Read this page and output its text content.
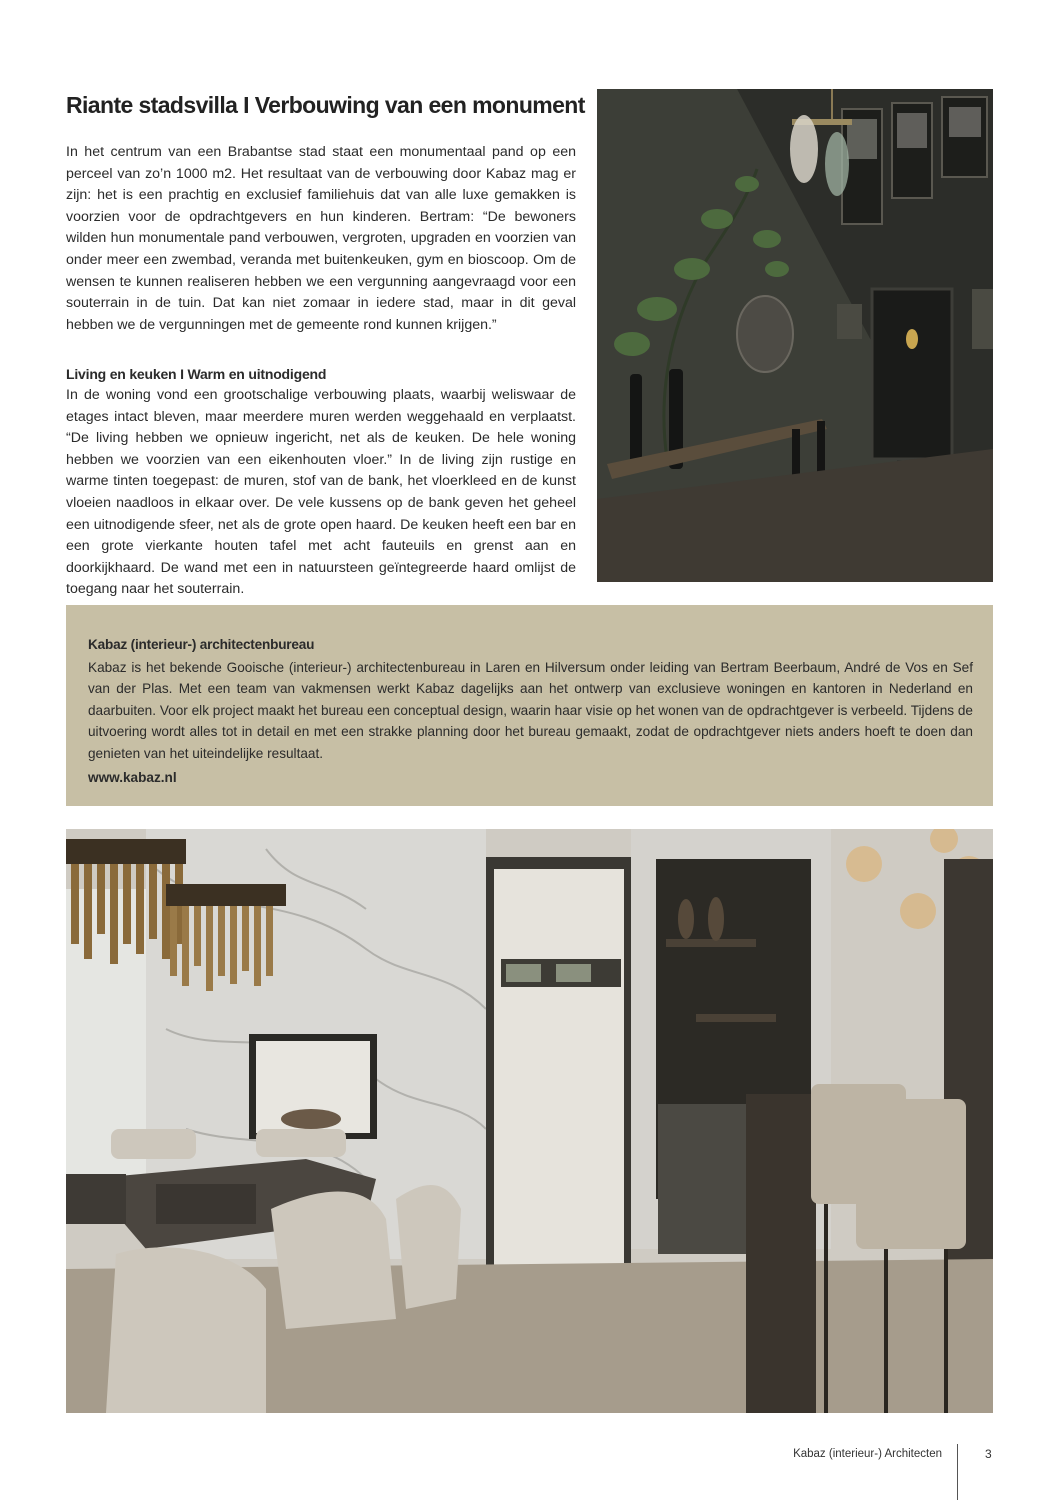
Riante stadsvilla I Verbouwing van een monument

In het centrum van een Brabantse stad staat een monumentaal pand op een perceel van zo’n 1000 m2. Het resultaat van de verbouwing door Kabaz mag er zijn: het is een prachtig en exclusief familiehuis dat van alle luxe gemakken is voorzien voor de opdrachtgevers en hun kinderen. Bertram: “De bewoners wilden hun monumentale pand verbouwen, vergroten, upgraden en voorzien van onder meer een zwembad, veranda met buitenkeuken, gym en bioscoop. Om de wensen te kunnen realiseren hebben we een vergunning aangevraagd voor een souterrain in de tuin. Dat kan niet zomaar in iedere stad, maar in dit geval hebben we de vergunningen met de gemeente rond kunnen krijgen.”

Living en keuken I Warm en uitnodigend

In de woning vond een grootschalige verbouwing plaats, waarbij weliswaar de etages intact bleven, maar meerdere muren werden weggehaald en verplaatst. “De living hebben we opnieuw ingericht, net als de keuken. De hele woning hebben we voorzien van een eikenhouten vloer.” In de living zijn rustige en warme tinten toegepast: de muren, stof van de bank, het vloerkleed en de kunst vloeien naadloos in elkaar over. De vele kussens op de bank geven het geheel een uitnodigende sfeer, net als de grote open haard. De keuken heeft een bar en een grote vierkante houten tafel met acht fauteuils en grenst aan en doorkijkhaard. De wand met een in natuursteen geïntegreerde haard omlijst de toegang naar het souterrain.

Kabaz (interieur-) architectenbureau

Kabaz is het bekende Gooische (interieur-) architectenbureau in Laren en Hilversum onder leiding van Bertram Beerbaum, André de Vos en Sef van der Plas. Met een team van vakmensen werkt Kabaz dagelijks aan het ontwerp van exclusieve woningen en kantoren in Nederland en daarbuiten. Voor elk project maakt het bureau een conceptual design, waarin haar visie op het wonen van de opdrachtgever is verbeeld. Tijdens de uitvoering wordt alles tot in detail en met een strakke planning door het bureau gemaakt, zodat de opdrachtgever niets anders hoeft te doen dan genieten van het uiteindelijke resultaat.

www.kabaz.nl

Kabaz (interieur-) Architecten	3
